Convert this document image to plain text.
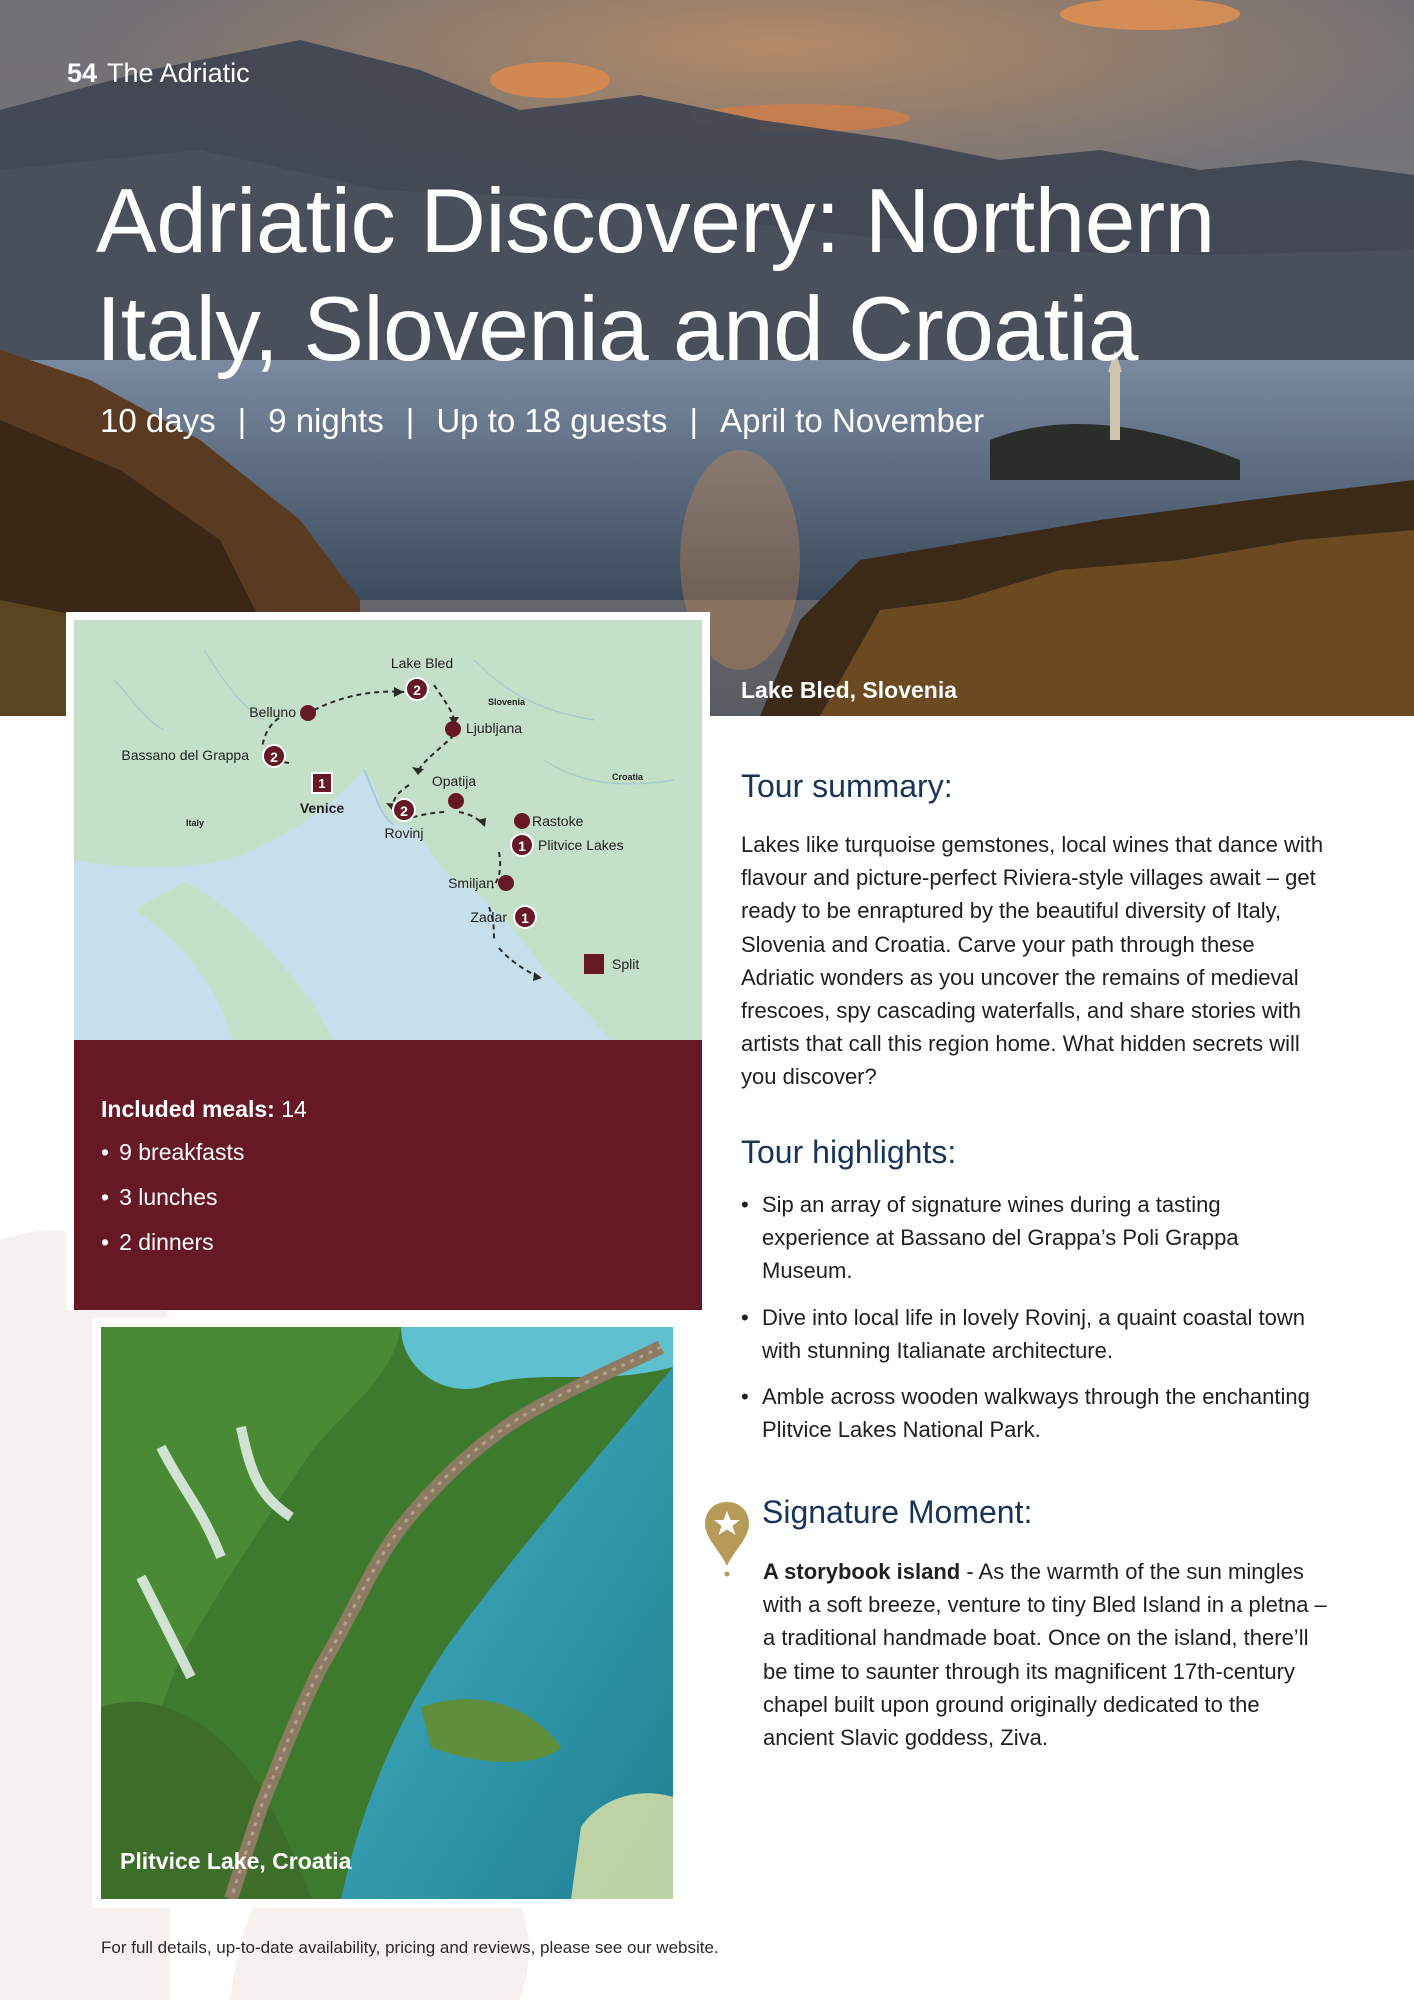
54 The Adriatic
Adriatic Discovery: Northern Italy, Slovenia and Croatia
10 days | 9 nights | Up to 18 guests | April to November
Lake Bled, Slovenia
2
Lake Bled
Belluno
Ljubljana
2
Bassano del Grappa
1
Venice
Opatija
2
Rovinj
Rastoke
1 Plitvice Lakes
Smiljan
1
Zadar
Split
Slovenia
Croatia
Italy
Included meals: 14
• 9 breakfasts
• 3 lunches
• 2 dinners
Plitvice Lake, Croatia
Tour summary:

Lakes like turquoise gemstones, local wines that dance with flavour and picture-perfect Riviera-style villages await – get ready to be enraptured by the beautiful diversity of Italy, Slovenia and Croatia. Carve your path through these Adriatic wonders as you uncover the remains of medieval frescoes, spy cascading waterfalls, and share stories with artists that call this region home. What hidden secrets will you discover?

Tour highlights:
• Sip an array of signature wines during a tasting experience at Bassano del Grappa’s Poli Grappa Museum.
• Dive into local life in lovely Rovinj, a quaint coastal town with stunning Italianate architecture.
• Amble across wooden walkways through the enchanting Plitvice Lakes National Park.
Signature Moment:

A storybook island - As the warmth of the sun mingles with a soft breeze, venture to tiny Bled Island in a pletna – a traditional handmade boat. Once on the island, there’ll be time to saunter through its magnificent 17th-century chapel built upon ground originally dedicated to the ancient Slavic goddess, Ziva.

For full details, up-to-date availability, pricing and reviews, please see our website.
